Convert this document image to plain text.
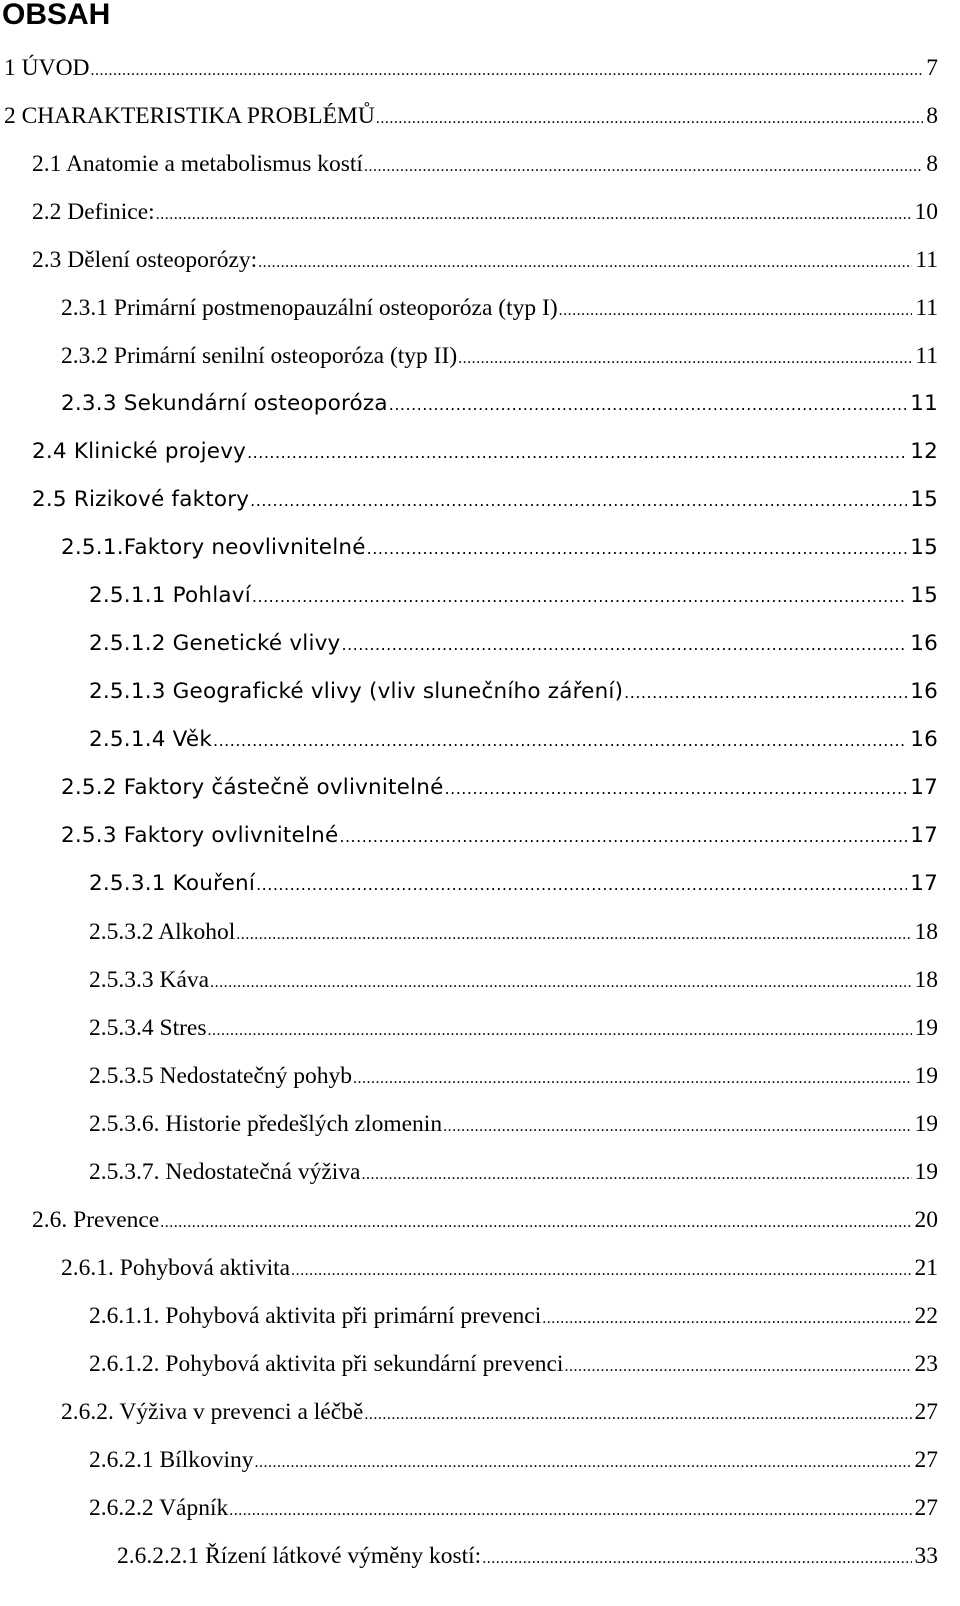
OBSAH
1 ÚVOD .....	7
2 CHARAKTERISTIKA PROBLÉMŮ .....	8
2.1 Anatomie a metabolismus kostí .....	8
2.2 Definice: .....	10
2.3 Dělení osteoporózy: .....	11
2.3.1 Primární postmenopauzální osteoporóza (typ I) .....	11
2.3.2 Primární senilní osteoporóza (typ II) .....	11
2.3.3 Sekundární osteoporóza .....	11
2.4 Klinické projevy .....	12
2.5 Rizikové faktory .....	15
2.5.1.Faktory neovlivnitelné .....	15
2.5.1.1 Pohlaví .....	15
2.5.1.2 Genetické vlivy .....	16
2.5.1.3 Geografické vlivy (vliv slunečního záření) .....	16
2.5.1.4 Věk .....	16
2.5.2 Faktory částečně ovlivnitelné .....	17
2.5.3 Faktory ovlivnitelné .....	17
2.5.3.1 Kouření .....	17
2.5.3.2 Alkohol .....	18
2.5.3.3 Káva .....	18
2.5.3.4 Stres .....	19
2.5.3.5 Nedostatečný pohyb .....	19
2.5.3.6. Historie předešlých zlomenin .....	19
2.5.3.7. Nedostatečná výživa .....	19
2.6. Prevence .....	20
2.6.1. Pohybová aktivita .....	21
2.6.1.1. Pohybová aktivita při primární prevenci .....	22
2.6.1.2. Pohybová aktivita při sekundární prevenci .....	23
2.6.2. Výživa v prevenci a léčbě .....	27
2.6.2.1 Bílkoviny .....	27
2.6.2.2 Vápník .....	27
2.6.2.2.1 Řízení látkové výměny kostí: .....	33
